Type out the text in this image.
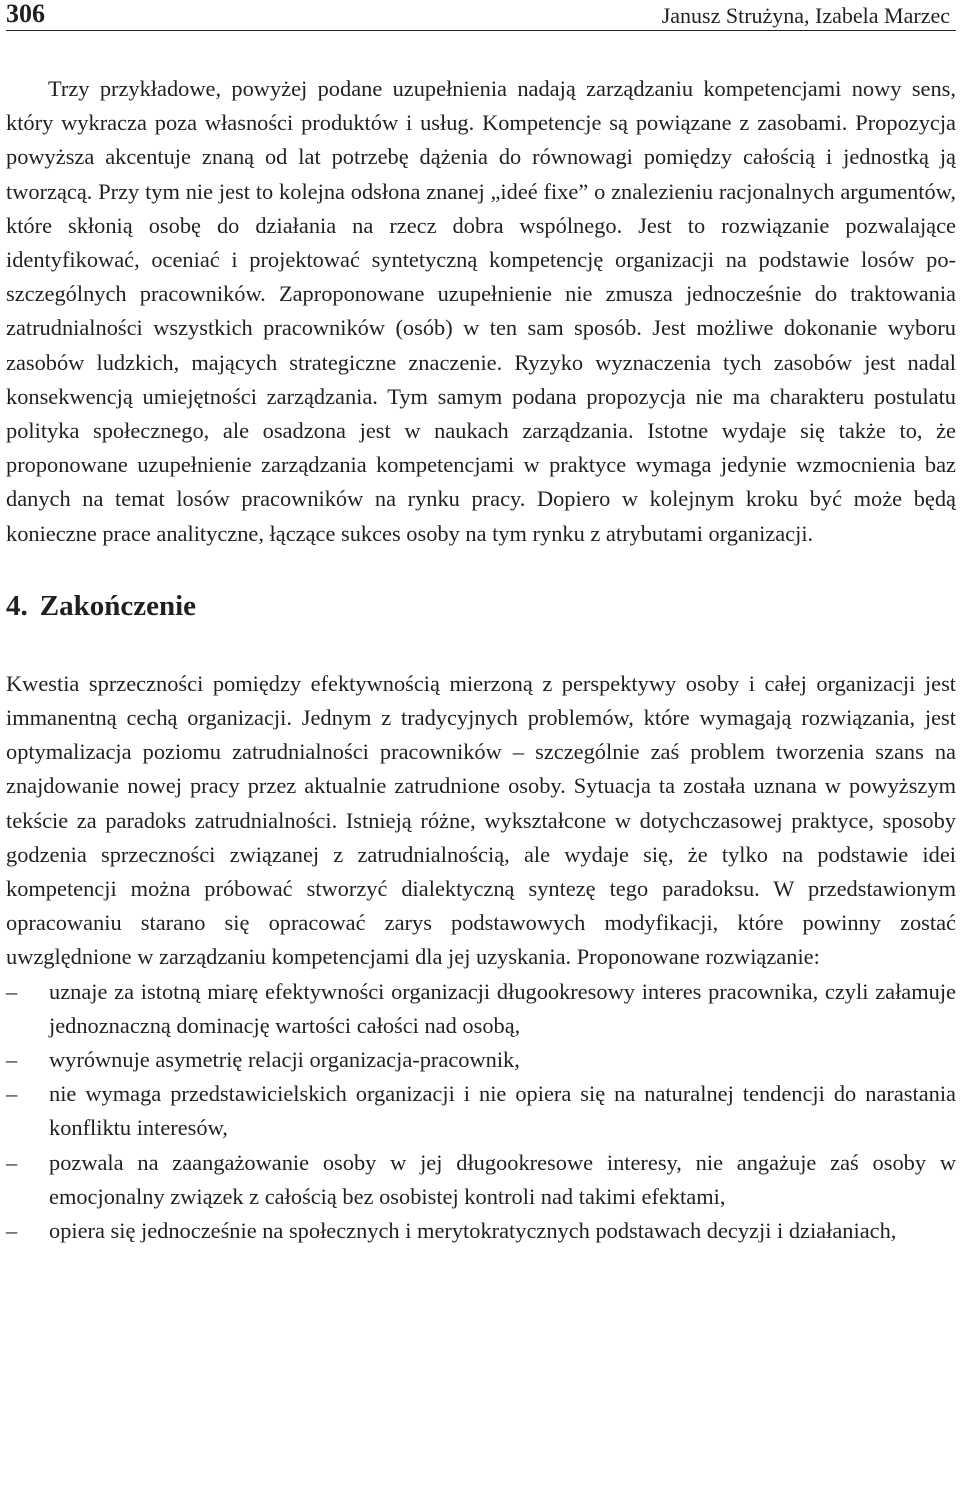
306	Janusz Strużyna, Izabela Marzec

Trzy przykładowe, powyżej podane uzupełnienia nadają zarządzaniu kompetencjami nowy sens, który wykracza poza własności produktów i usług. Kompetencje są powiązane z zasobami. Propozycja powyższa akcentuje znaną od lat potrzebę dążenia do równowagi pomiędzy całością i jednostką ją tworzącą. Przy tym nie jest to kolejna odsłona znanej „ideé fixe” o znalezieniu racjonalnych argumentów, które skłonią osobę do działania na rzecz dobra wspólnego. Jest to rozwiązanie pozwalające identyfikować, oceniać i projektować syntetyczną kompetencję organizacji na podstawie losów poszczególnych pracowników. Zaproponowane uzupełnienie nie zmusza jednocześnie do traktowania zatrudnialności wszystkich pracowników (osób) w ten sam sposób. Jest możliwe dokonanie wyboru zasobów ludzkich, mających strategiczne znaczenie. Ryzyko wyznaczenia tych zasobów jest nadal konsekwencją umiejętności zarządzania. Tym samym podana propozycja nie ma charakteru postulatu polityka społecznego, ale osadzona jest w naukach zarządzania. Istotne wydaje się także to, że proponowane uzupełnienie zarządzania kompetencjami w praktyce wymaga jedynie wzmocnienia baz danych na temat losów pracowników na rynku pracy. Dopiero w kolejnym kroku być może będą konieczne prace analityczne, łączące sukces osoby na tym rynku z atrybutami organizacji.

4. Zakończenie

Kwestia sprzeczności pomiędzy efektywnością mierzoną z perspektywy osoby i całej organizacji jest immanentną cechą organizacji. Jednym z tradycyjnych problemów, które wymagają rozwiązania, jest optymalizacja poziomu zatrudnialności pracowników – szczególnie zaś problem tworzenia szans na znajdowanie nowej pracy przez aktualnie zatrudnione osoby. Sytuacja ta została uznana w powyższym tekście za paradoks zatrudnialności. Istnieją różne, wykształcone w dotychczasowej praktyce, sposoby godzenia sprzeczności związanej z zatrudnialnością, ale wydaje się, że tylko na podstawie idei kompetencji można próbować stworzyć dialektyczną syntezę tego paradoksu. W przedstawionym opracowaniu starano się opracować zarys podstawowych modyfikacji, które powinny zostać uwzględnione w zarządzaniu kompetencjami dla jej uzyskania. Proponowane rozwiązanie:

– uznaje za istotną miarę efektywności organizacji długookresowy interes pracownika, czyli załamuje jednoznaczną dominację wartości całości nad osobą,
– wyrównuje asymetrię relacji organizacja-pracownik,
– nie wymaga przedstawicielskich organizacji i nie opiera się na naturalnej tendencji do narastania konfliktu interesów,
– pozwala na zaangażowanie osoby w jej długookresowe interesy, nie angażuje zaś osoby w emocjonalny związek z całością bez osobistej kontroli nad takimi efektami,
– opiera się jednocześnie na społecznych i merytokratycznych podstawach decyzji i działaniach,
